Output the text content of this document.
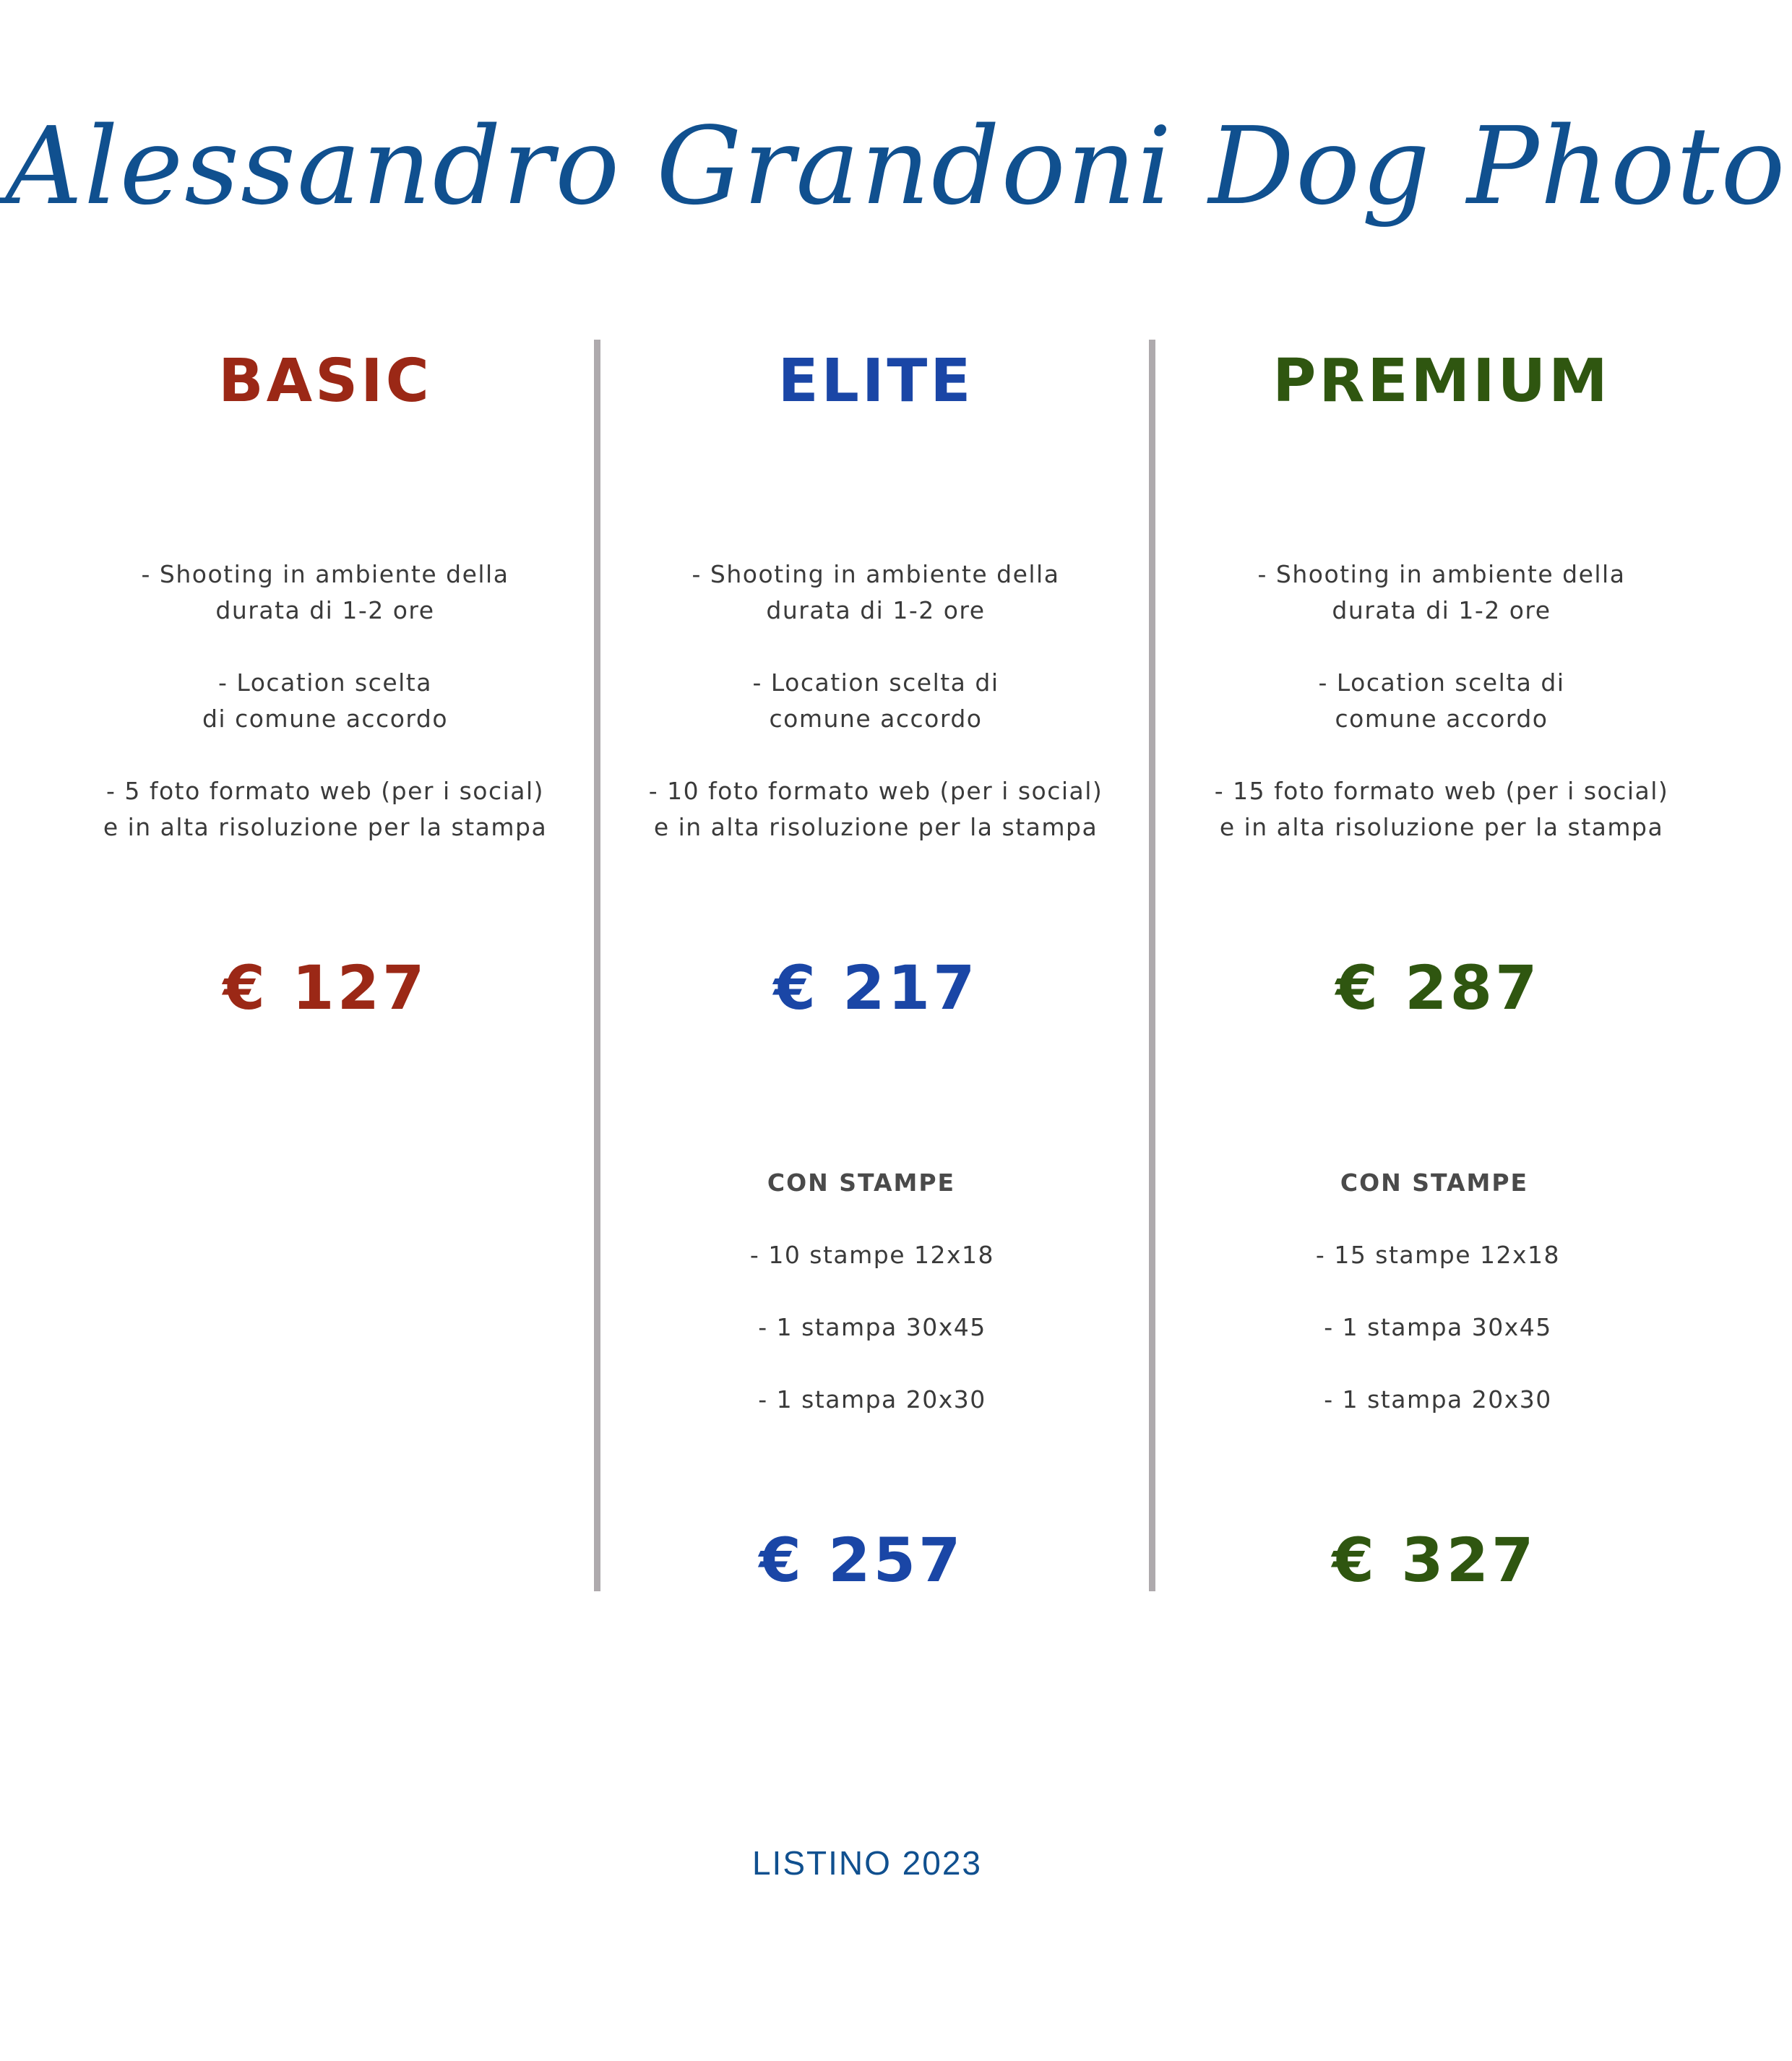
Alessandro Grandoni Dog Photo
BASIC
- Shooting in ambiente della
durata di 1-2 ore
- Location scelta
di comune accordo
- 5 foto formato web (per i social)
e in alta risoluzione per la stampa
€ 127
ELITE
- Shooting in ambiente della
durata di 1-2 ore
- Location scelta di
comune accordo
- 10 foto formato web (per i social)
e in alta risoluzione per la stampa
€ 217
CON STAMPE
- 10 stampe 12x18
- 1 stampa 30x45
- 1 stampa 20x30
€ 257
PREMIUM
- Shooting in ambiente della
durata di 1-2 ore
- Location scelta di
comune accordo
- 15 foto formato web (per i social)
e in alta risoluzione per la stampa
€ 287
CON STAMPE
- 15 stampe 12x18
- 1 stampa 30x45
- 1 stampa 20x30
€ 327
LISTINO 2023
